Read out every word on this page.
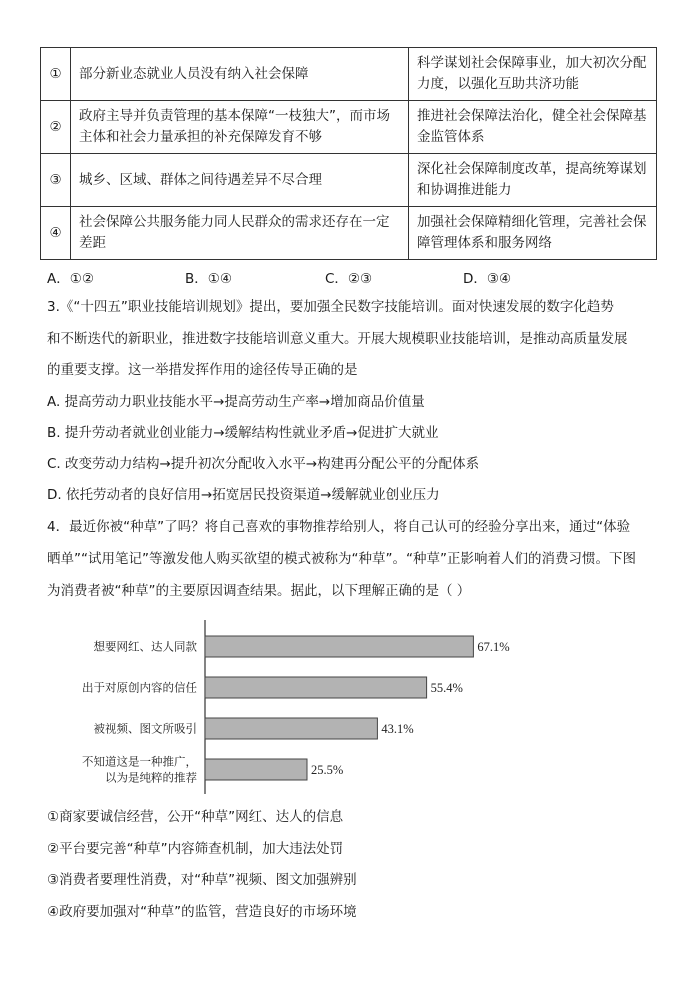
①	部分新业态就业人员没有纳入社会保障	科学谋划社会保障事业，加大初次分配力度，以强化互助共济功能
②	政府主导并负责管理的基本保障“一枝独大”，而市场主体和社会力量承担的补充保障发育不够	推进社会保障法治化，健全社会保障基金监管体系
③	城乡、区域、群体之间待遇差异不尽合理	深化社会保障制度改革，提高统筹谋划和协调推进能力
④	社会保障公共服务能力同人民群众的需求还存在一定差距	加强社会保障精细化管理，完善社会保障管理体系和服务网络
A．①②	B．①④	C．②③	D．③④
3.《“十四五”职业技能培训规划》提出，要加强全民数字技能培训。面对快速发展的数字化趋势
和不断迭代的新职业，推进数字技能培训意义重大。开展大规模职业技能培训，是推动高质量发展
的重要支撑。这一举措发挥作用的途径传导正确的是
A. 提高劳动力职业技能水平→提高劳动生产率→增加商品价值量
B. 提升劳动者就业创业能力→缓解结构性就业矛盾→促进扩大就业
C. 改变劳动力结构→提升初次分配收入水平→构建再分配公平的分配体系
D. 依托劳动者的良好信用→拓宽居民投资渠道→缓解就业创业压力
4．最近你被“种草”了吗？将自己喜欢的事物推荐给别人，将自己认可的经验分享出来，通过“体验
晒单”“试用笔记”等激发他人购买欲望的模式被称为“种草”。“种草”正影响着人们的消费习惯。下图
为消费者被“种草”的主要原因调查结果。据此，以下理解正确的是（ ）
67.1%
想要网红、达人同款
55.4%
出于对原创内容的信任
43.1%
被视频、图文所吸引
25.5%
不知道这是一种推广，
以为是纯粹的推荐
①商家要诚信经营，公开“种草”网红、达人的信息
②平台要完善“种草”内容筛查机制，加大违法处罚
③消费者要理性消费，对“种草”视频、图文加强辨别
④政府要加强对“种草”的监管，营造良好的市场环境
